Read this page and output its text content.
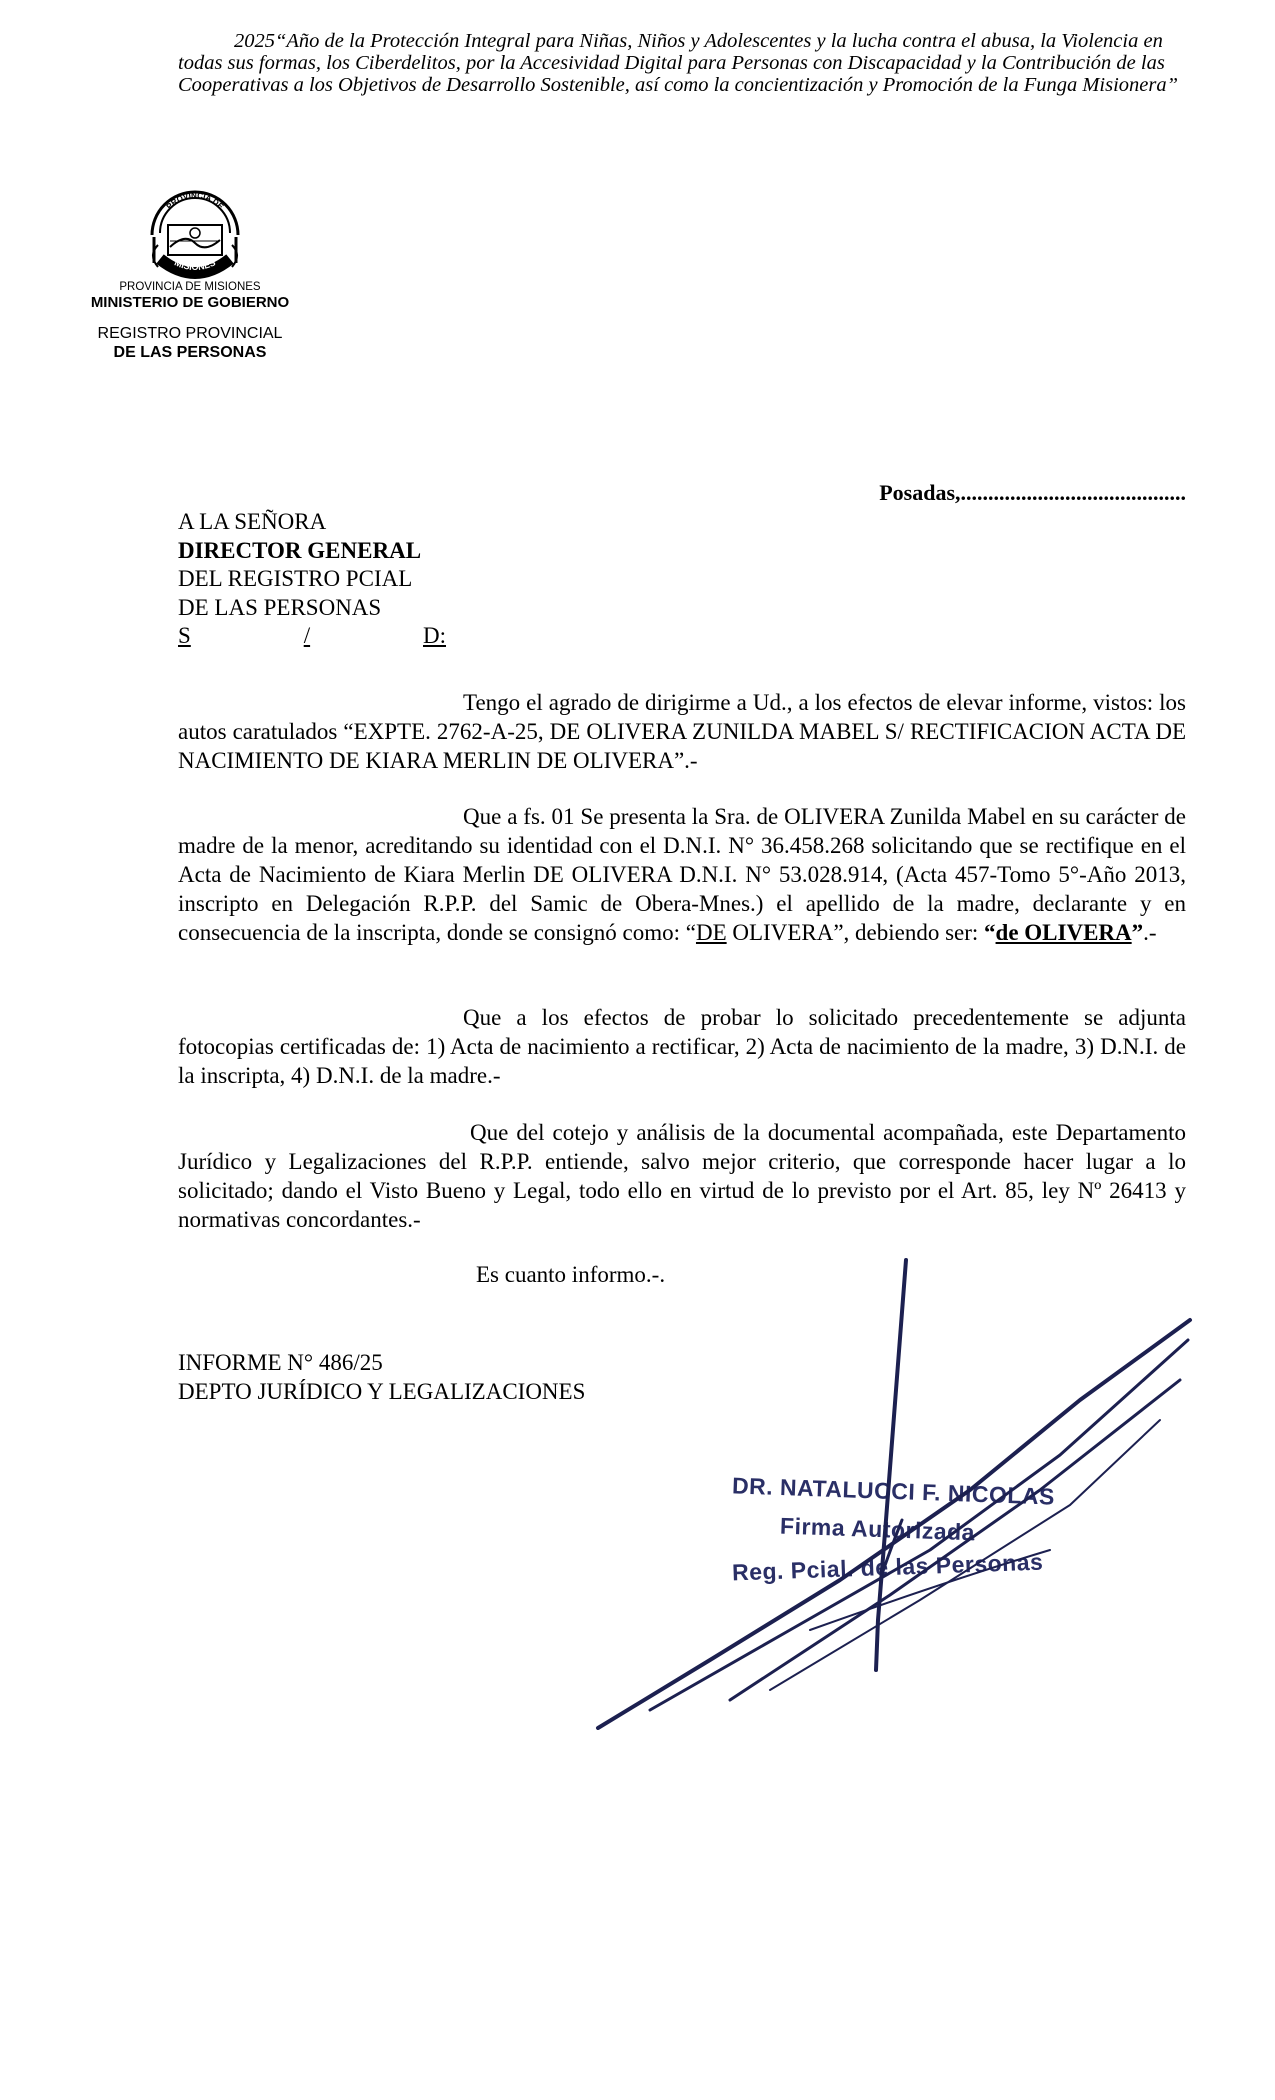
2025“Año de la Protección Integral para Niñas, Niños y Adolescentes y la lucha contra el abusa, la Violencia en todas sus formas, los Ciberdelitos, por la Accesividad Digital para Personas con Discapacidad y la Contribución de las Cooperativas a los Objetivos de Desarrollo Sostenible, así como la concientización y Promoción de la Funga Misionera”
PROVINCIA DE
MISIONES
PROVINCIA DE MISIONES
MINISTERIO DE GOBIERNO
REGISTRO PROVINCIAL
DE LAS PERSONAS
Posadas,.........................................
A LA SEÑORA
DIRECTOR GENERAL
DEL REGISTRO PCIAL
DE LAS PERSONAS
S	/	D:
Tengo el agrado de dirigirme a Ud., a los efectos de elevar informe, vistos: los autos caratulados “EXPTE. 2762-A-25, DE OLIVERA ZUNILDA MABEL S/ RECTIFICACION ACTA DE NACIMIENTO DE KIARA MERLIN DE OLIVERA”.-
Que a fs. 01 Se presenta la Sra. de OLIVERA Zunilda Mabel en su carácter de madre de la menor, acreditando su identidad con el D.N.I. N° 36.458.268 solicitando que se rectifique en el Acta de Nacimiento de Kiara Merlin DE OLIVERA D.N.I. N° 53.028.914, (Acta 457-Tomo 5°-Año 2013, inscripto en Delegación R.P.P. del Samic de Obera-Mnes.) el apellido de la madre, declarante y en consecuencia de la inscripta, donde se consignó como: “DE OLIVERA”, debiendo ser: “de OLIVERA”.-
Que a los efectos de probar lo solicitado precedentemente se adjunta fotocopias certificadas de: 1) Acta de nacimiento a rectificar, 2) Acta de nacimiento de la madre, 3) D.N.I. de la inscripta, 4) D.N.I. de la madre.-
Que del cotejo y análisis de la documental acompañada, este Departamento Jurídico y Legalizaciones del R.P.P. entiende, salvo mejor criterio, que corresponde hacer lugar a lo solicitado; dando el Visto Bueno y Legal, todo ello en virtud de lo previsto por el Art. 85, ley Nº 26413 y normativas concordantes.-
Es cuanto informo.-.
INFORME N° 486/25
DEPTO JURÍDICO Y LEGALIZACIONES
DR. NATALUCCI F. NICOLAS
Firma Autorizada
Reg. Pcial. de las Personas
